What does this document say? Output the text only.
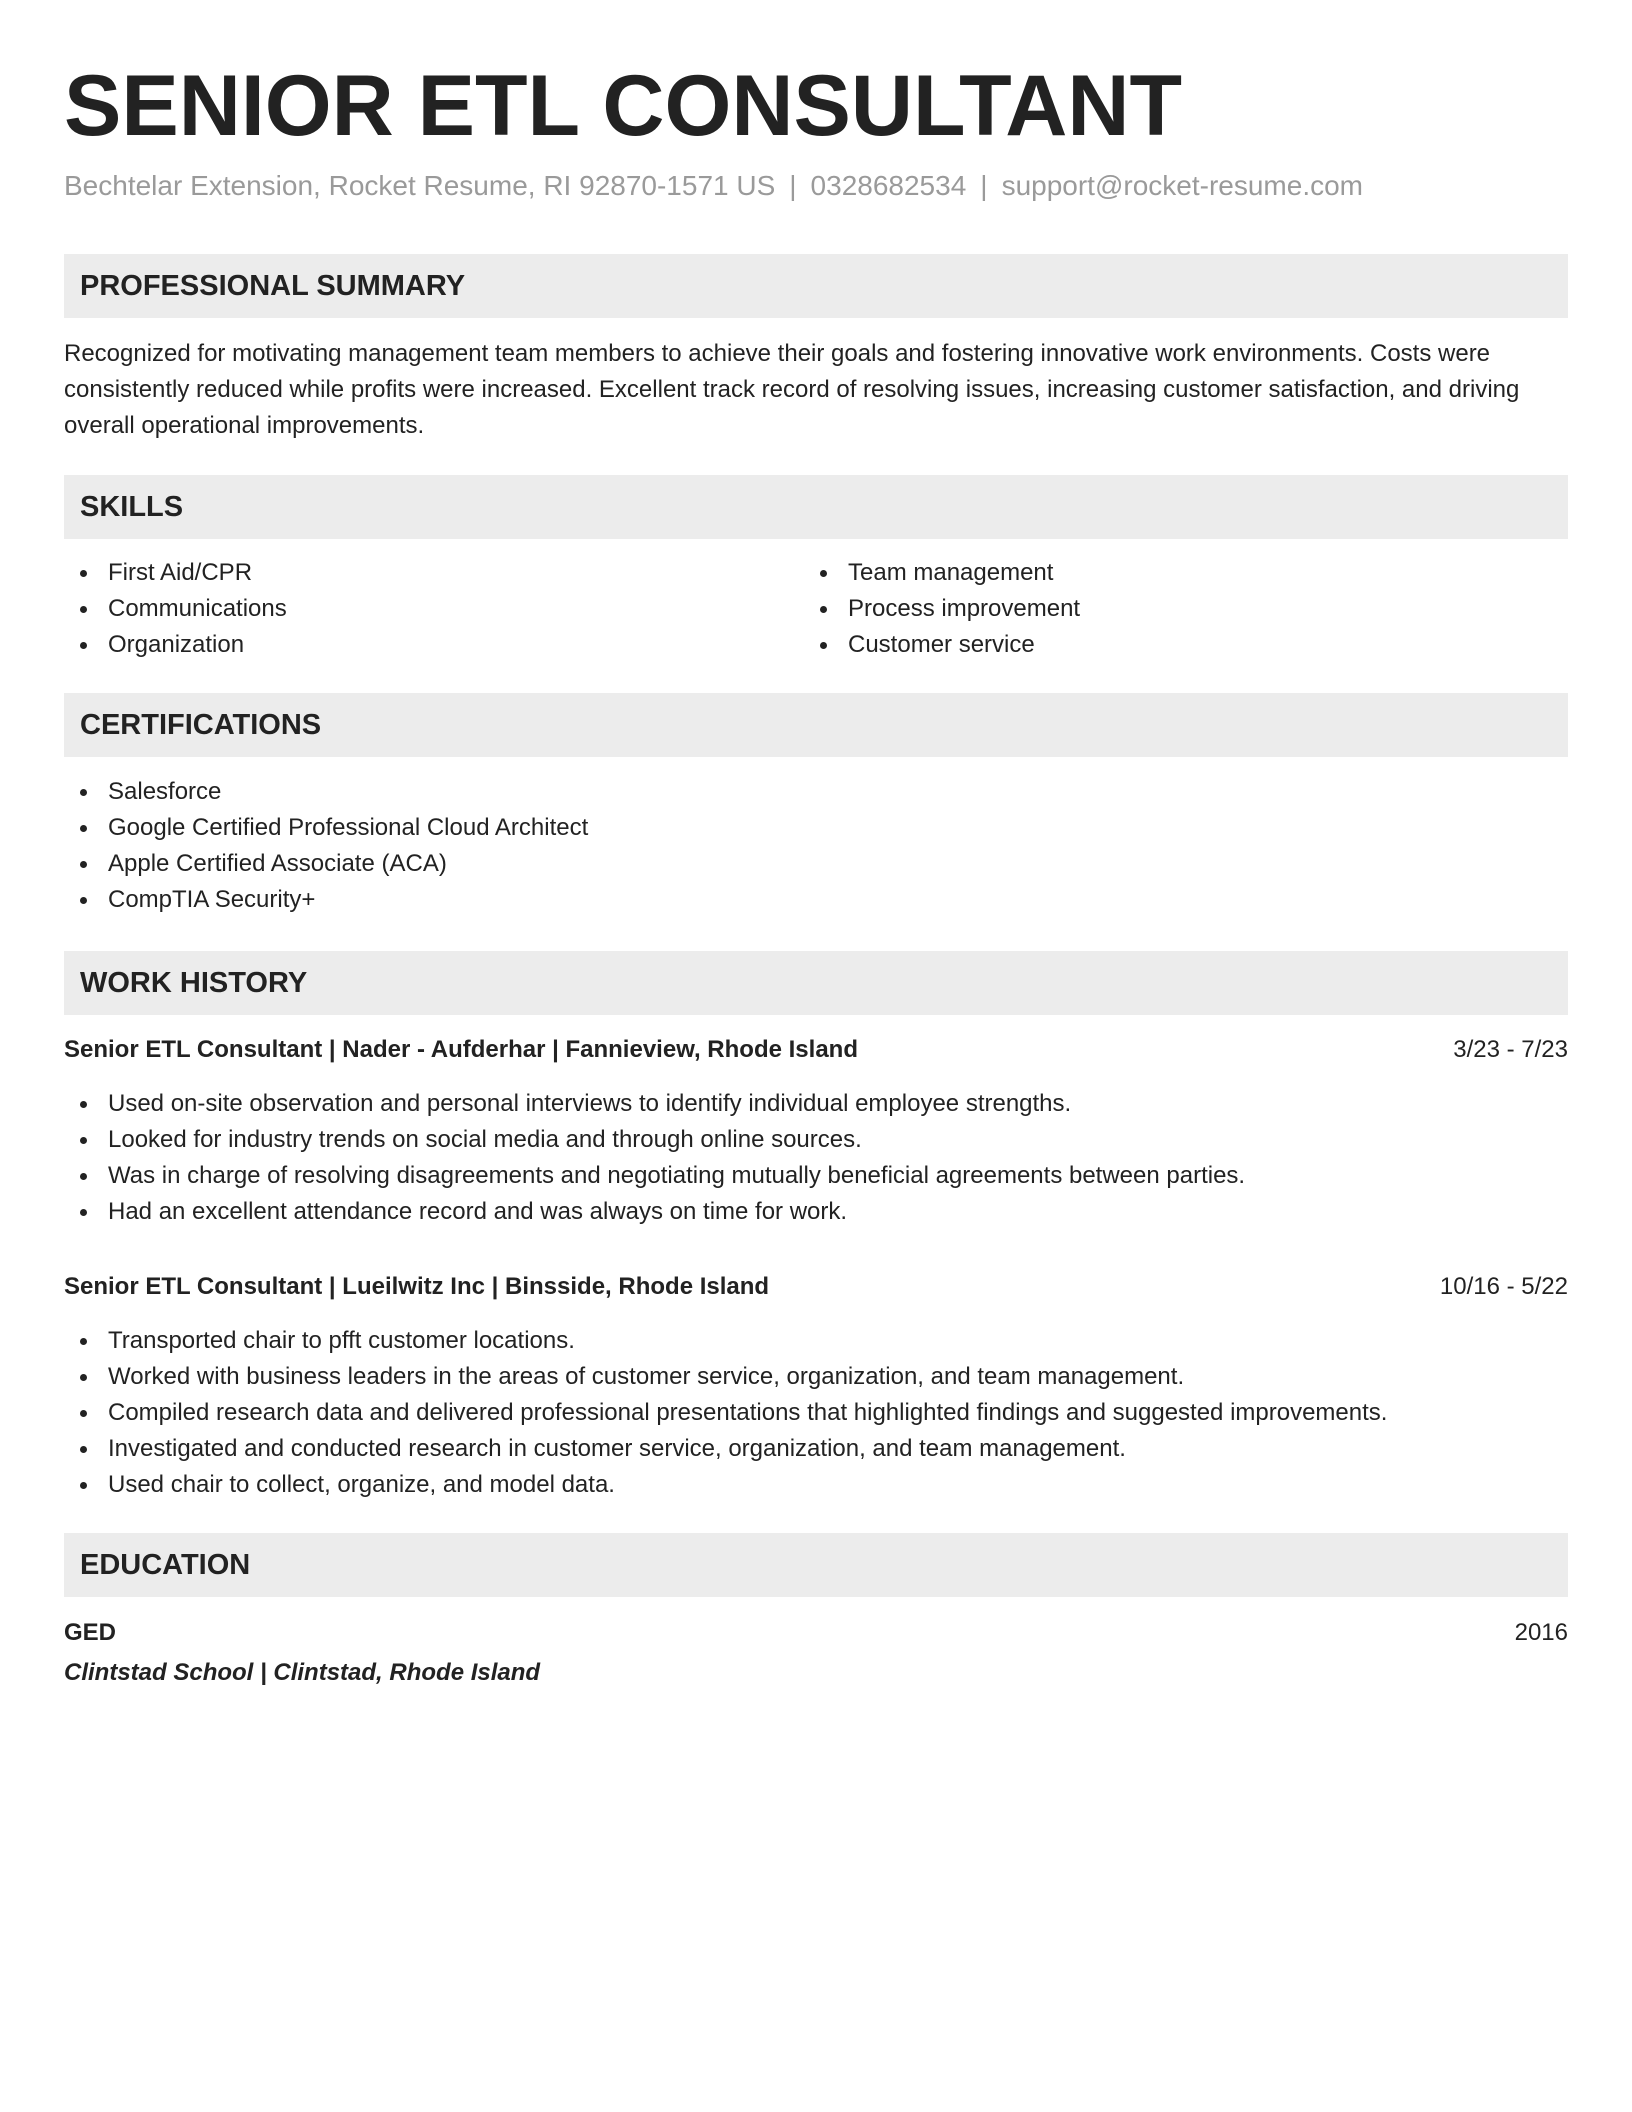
SENIOR ETL CONSULTANT
Bechtelar Extension, Rocket Resume, RI 92870-1571 US | 0328682534 | support@rocket-resume.com
PROFESSIONAL SUMMARY
Recognized for motivating management team members to achieve their goals and fostering innovative work environments. Costs were consistently reduced while profits were increased. Excellent track record of resolving issues, increasing customer satisfaction, and driving overall operational improvements.
SKILLS
First Aid/CPR
Communications
Organization
Team management
Process improvement
Customer service
CERTIFICATIONS
Salesforce
Google Certified Professional Cloud Architect
Apple Certified Associate (ACA)
CompTIA Security+
WORK HISTORY
Senior ETL Consultant | Nader - Aufderhar | Fannieview, Rhode Island	3/23 - 7/23
Used on-site observation and personal interviews to identify individual employee strengths.
Looked for industry trends on social media and through online sources.
Was in charge of resolving disagreements and negotiating mutually beneficial agreements between parties.
Had an excellent attendance record and was always on time for work.
Senior ETL Consultant | Lueilwitz Inc | Binsside, Rhode Island	10/16 - 5/22
Transported chair to pfft customer locations.
Worked with business leaders in the areas of customer service, organization, and team management.
Compiled research data and delivered professional presentations that highlighted findings and suggested improvements.
Investigated and conducted research in customer service, organization, and team management.
Used chair to collect, organize, and model data.
EDUCATION
GED	2016
Clintstad School | Clintstad, Rhode Island
